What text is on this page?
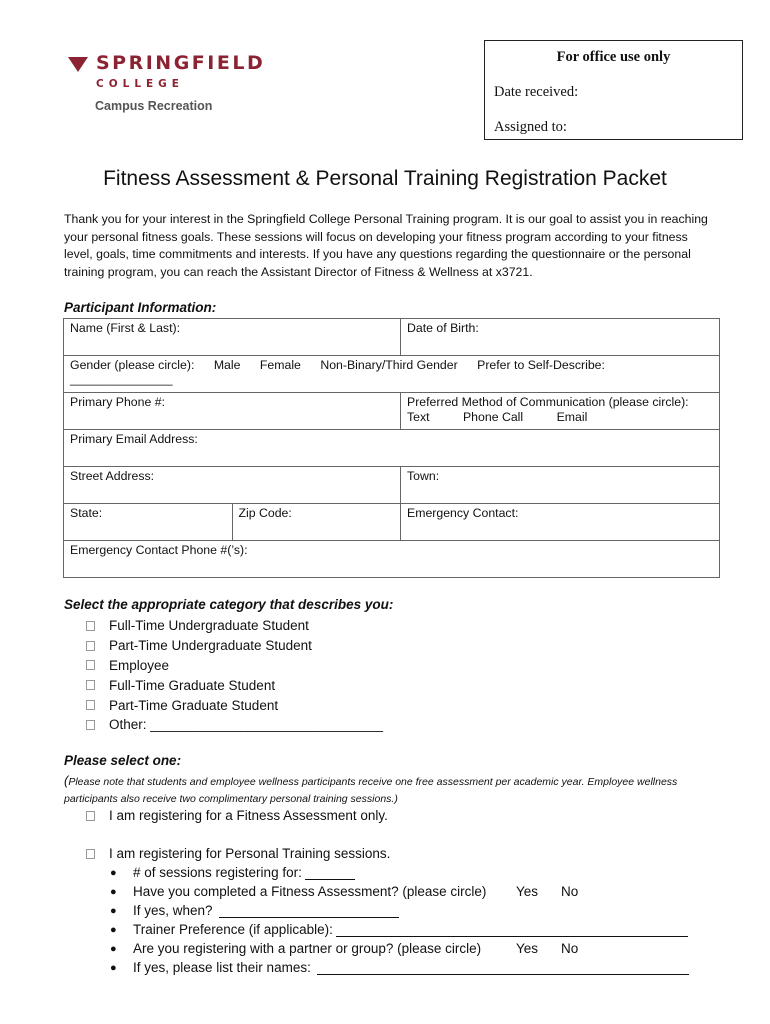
SPRINGFIELD
COLLEGE
Campus Recreation
For office use only
Date received:
Assigned to:
Fitness Assessment & Personal Training Registration Packet
Thank you for your interest in the Springfield College Personal Training program. It is our goal to assist you in reaching your personal fitness goals. These sessions will focus on developing your fitness program according to your fitness level, goals, time commitments and interests. If you have any questions regarding the questionnaire or the personal training program, you can reach the Assistant Director of Fitness & Wellness at x3721.
Participant Information:
Name (First & Last):		Date of Birth:
Gender (please circle): Male Female Non-Binary/Third Gender Prefer to Self-Describe: _______________		
Primary Phone #:		Preferred Method of Communication (please circle):
Text Phone Call Email

Primary Email Address:		
Street Address:		Town:
State:	Zip Code:	Emergency Contact:
Emergency Contact Phone #(’s):		
Select the appropriate category that describes you:
Full-Time Undergraduate Student
Part-Time Undergraduate Student
Employee
Full-Time Graduate Student
Part-Time Graduate Student
Other: _______________________________
Please select one:
(Please note that students and employee wellness participants receive one free assessment per academic year. Employee wellness participants also receive two complimentary personal training sessions.)
I am registering for a Fitness Assessment only.
I am registering for Personal Training sessions.
●	# of sessions registering for:
●	Have you completed a Fitness Assessment? (please circle) Yes No
●	If yes, when?
●	Trainer Preference (if applicable):
●	Are you registering with a partner or group? (please circle)	Yes No
●	If yes, please list their names:
